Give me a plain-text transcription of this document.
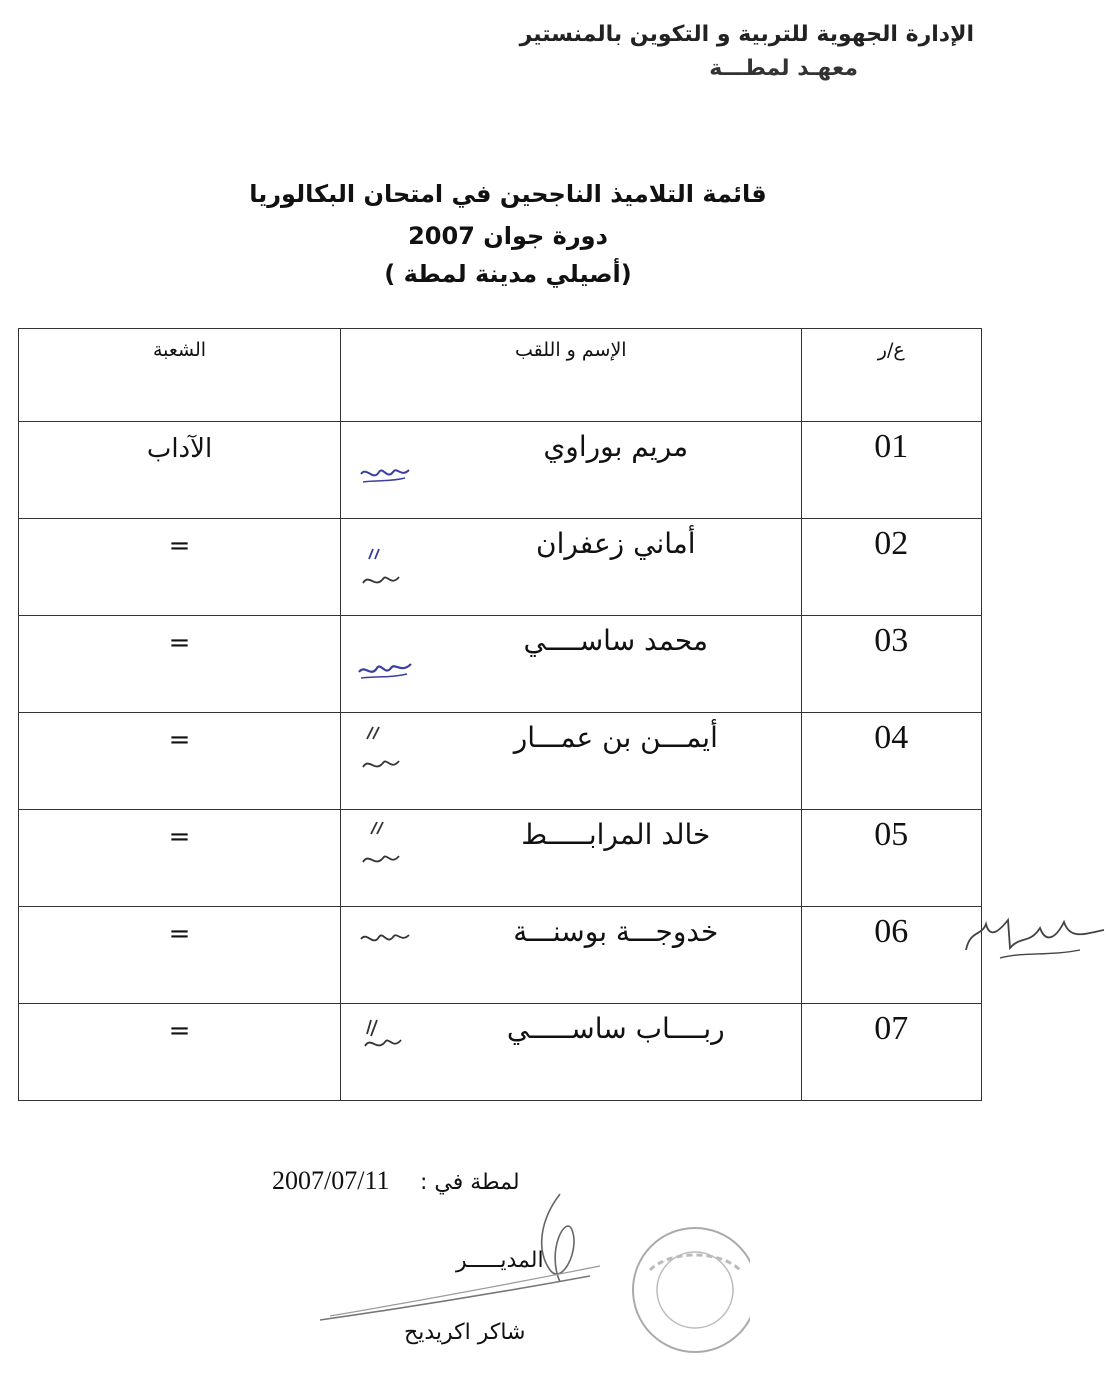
الإدارة الجهوية للتربية و التكوين بالمنستير
معهـد لمطـــة
قائمة التلاميذ الناجحين في امتحان البكالوريا
دورة جوان 2007
(أصيلي مدينة لمطة )
الشعبة	الإسم و اللقب	ع/ر

الآداب	مريم بوراوي	01

=	أماني زعفران	02

=	محمد ساســــي	03

=	أيمـــن بن عمـــار	04

=	خالد المرابـــــط	05

=	خدوجـــة بوسنـــة	06

=	ربــــاب ساســـــي	07
لمطة في :
2007/07/11
المديـــــر
شاكر اكريديح
